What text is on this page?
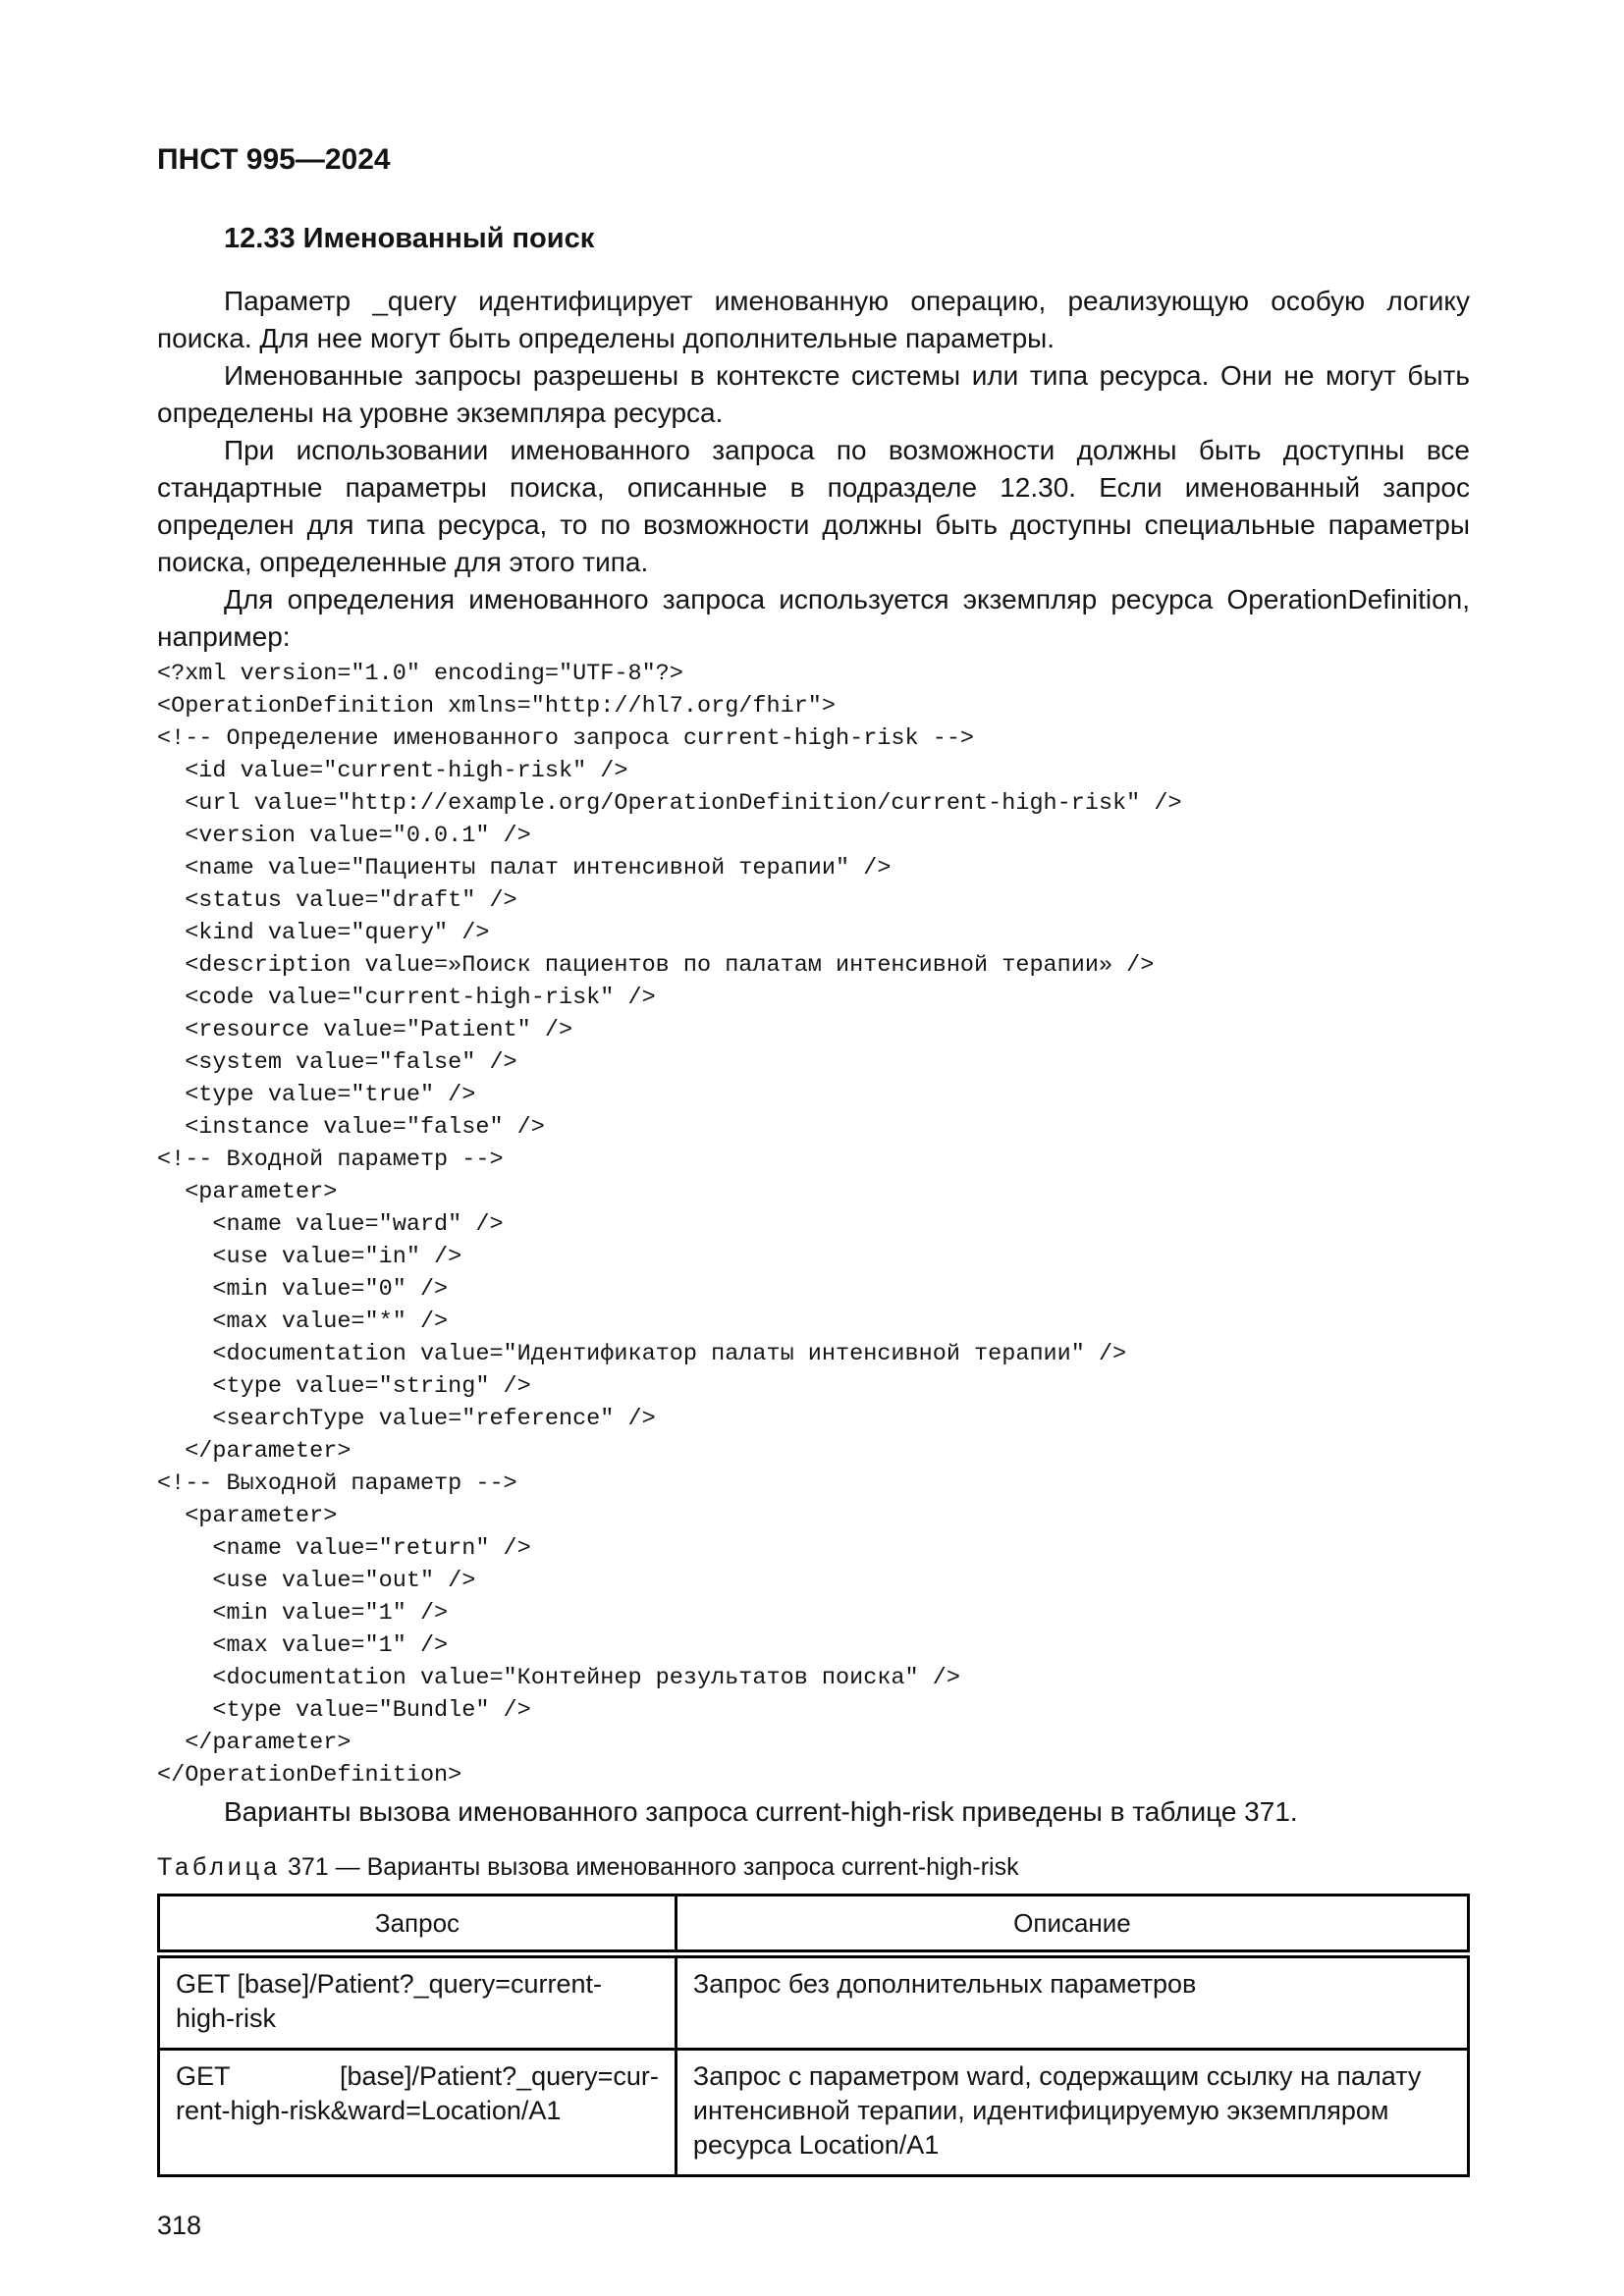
ПНСТ 995—2024
12.33 Именованный поиск

Параметр _query идентифицирует именованную операцию, реализующую особую логику поиска. Для нее могут быть определены дополнительные параметры.

Именованные запросы разрешены в контексте системы или типа ресурса. Они не могут быть определены на уровне экземпляра ресурса.

При использовании именованного запроса по возможности должны быть доступны все стандартные параметры поиска, описанные в подразделе 12.30. Если именованный запрос определен для типа ресурса, то по возможности должны быть доступны специальные параметры поиска, определенные для этого типа.

Для определения именованного запроса используется экземпляр ресурса OperationDefinition, например:

<?xml version="1.0" encoding="UTF-8"?>
<OperationDefinition xmlns="http://hl7.org/fhir">
<!-- Определение именованного запроса current-high-risk -->
<id value="current-high-risk" />
<url value="http://example.org/OperationDefinition/current-high-risk" />
<version value="0.0.1" />
<name value="Пациенты палат интенсивной терапии" />
<status value="draft" />
<kind value="query" />
<description value=»Поиск пациентов по палатам интенсивной терапии» />
<code value="current-high-risk" />
<resource value="Patient" />
<system value="false" />
<type value="true" />
<instance value="false" />
<!-- Входной параметр -->
<parameter>
<name value="ward" />
<use value="in" />
<min value="0" />
<max value="*" />
<documentation value="Идентификатор палаты интенсивной терапии" />
<type value="string" />
<searchType value="reference" />
</parameter>
<!-- Выходной параметр -->
<parameter>
<name value="return" />
<use value="out" />
<min value="1" />
<max value="1" />
<documentation value="Контейнер результатов поиска" />
<type value="Bundle" />
</parameter>
</OperationDefinition>

Варианты вызова именованного запроса current-high-risk приведены в таблице 371.

Таблица 371 — Варианты вызова именованного запроса current-high-risk
Запрос	Описание
GET [base]/Patient?_query=current-high-risk	Запрос без дополнительных параметров

GET [base]/Patient?_query=cur-
rent-high-risk&ward=Location/A1	Запрос с параметром ward, содержащим ссылку на палату интенсивной терапии, идентифицируемую экземпляром ресурса Location/A1
318
